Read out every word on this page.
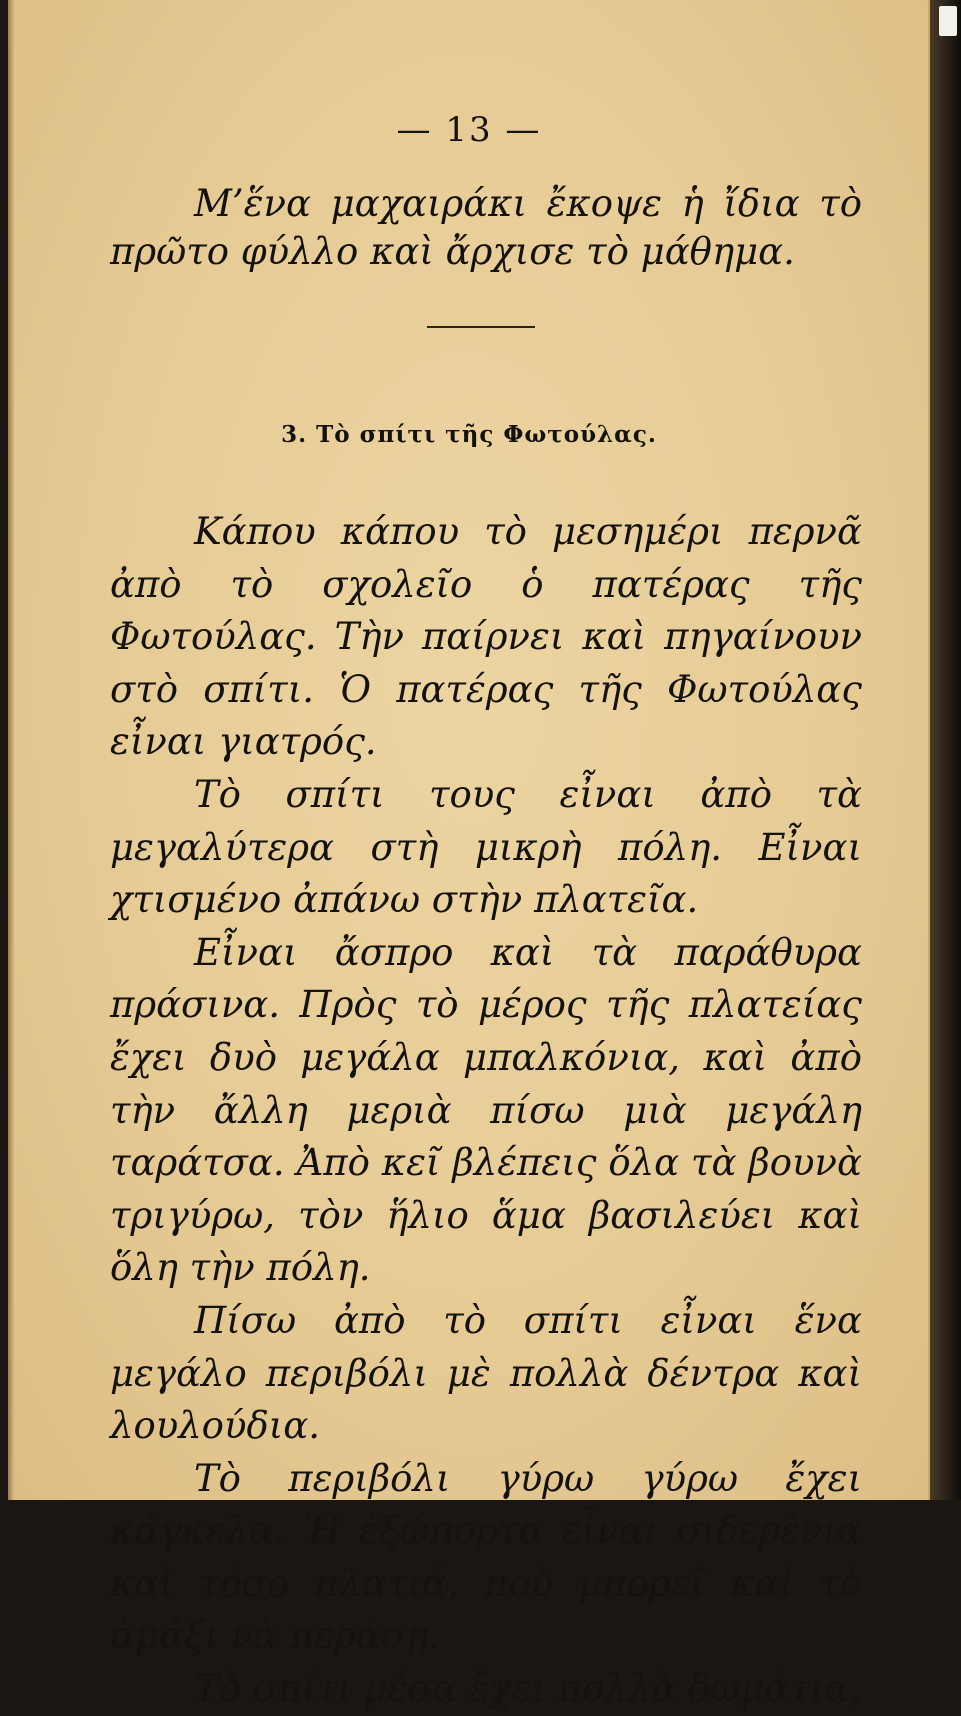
— 13 —

Μ’ἕνα μαχαιράκι ἔκοψε ἡ ἴδια τὸ πρῶτο φύλλο καὶ ἄρχισε τὸ μάθημα.

3. Τὸ σπίτι τῆς Φωτούλας.

Κάπου κάπου τὸ μεσημέρι περνᾶ ἀπὸ τὸ σχολεῖο ὁ πατέρας τῆς Φωτούλας. Τὴν παίρνει καὶ πηγαίνουν στὸ σπίτι. Ὁ πατέρας τῆς Φωτούλας εἶναι γιατρός.

Τὸ σπίτι τους εἶναι ἀπὸ τὰ μεγαλύτερα στὴ μικρὴ πόλη. Εἶναι χτισμένο ἀπάνω στὴν πλατεῖα.

Εἶναι ἄσπρο καὶ τὰ παράθυρα πράσινα. Πρὸς τὸ μέρος τῆς πλατείας ἔχει δυὸ μεγάλα μπαλκόνια, καὶ ἀπὸ τὴν ἄλλη μεριὰ πίσω μιὰ μεγάλη ταράτσα. Ἀπὸ κεῖ βλέπεις ὅλα τὰ βουνὰ τριγύρω, τὸν ἥλιο ἅμα βασιλεύει καὶ ὅλη τὴν πόλη.

Πίσω ἀπὸ τὸ σπίτι εἶναι ἕνα μεγάλο περιβόλι μὲ πολλὰ δέντρα καὶ λουλούδια.

Τὸ περιβόλι γύρω γύρω ἔχει κάγκελα. Ἡ ἐξώπορτα εἶναι σιδερένια καὶ τόσο πλατιά, ποὺ μπορεῖ καὶ τὸ ἁμάξι νὰ περάσῃ.

Τὸ σπίτι μέσα ἔχει πολλὰ δωμάτια,
